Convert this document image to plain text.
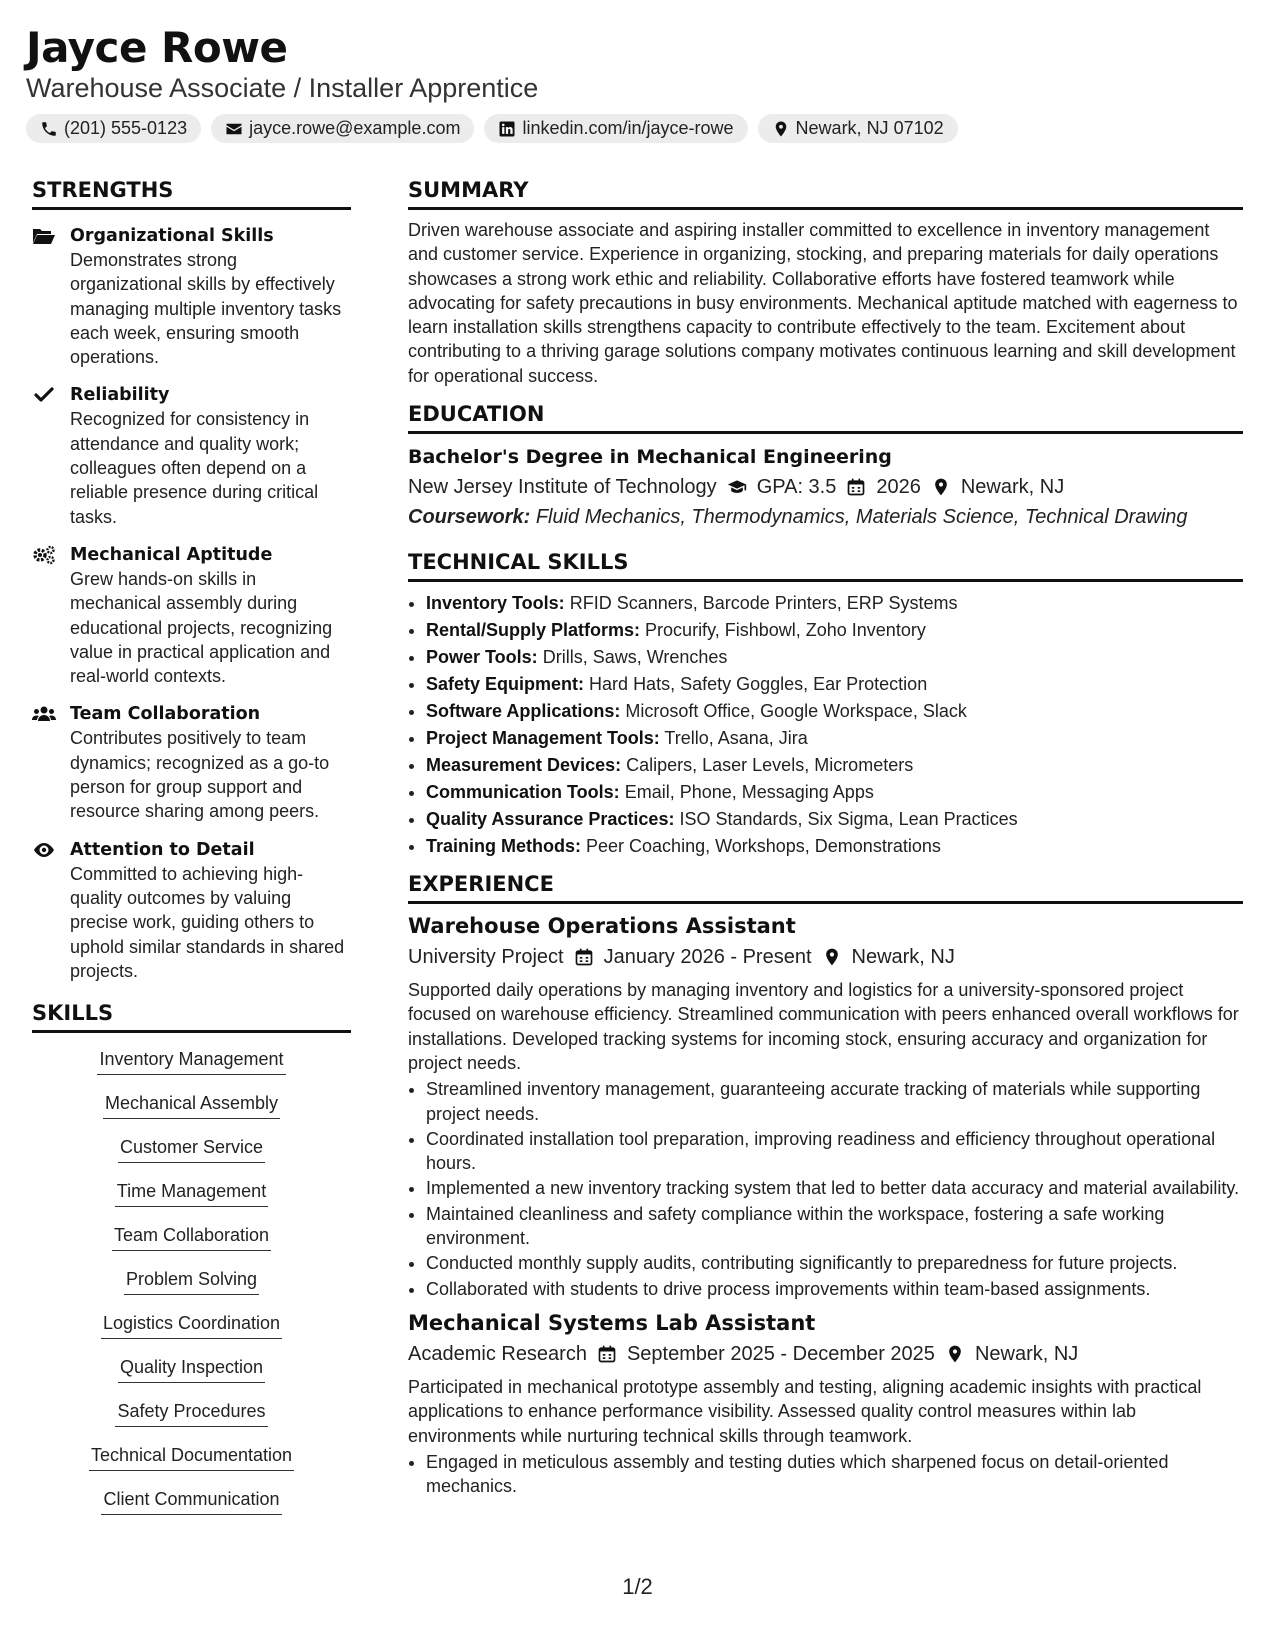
Jayce Rowe
Warehouse Associate / Installer Apprentice
(201) 555-0123	jayce.rowe@example.com	linkedin.com/in/jayce-rowe	Newark, NJ 07102
STRENGTHS
Organizational Skills
Demonstrates strong organizational skills by effectively managing multiple inventory tasks each week, ensuring smooth operations.
Reliability
Recognized for consistency in attendance and quality work; colleagues often depend on a reliable presence during critical tasks.
Mechanical Aptitude
Grew hands-on skills in mechanical assembly during educational projects, recognizing value in practical application and real-world contexts.
Team Collaboration
Contributes positively to team dynamics; recognized as a go-to person for group support and resource sharing among peers.
Attention to Detail
Committed to achieving high-quality outcomes by valuing precise work, guiding others to uphold similar standards in shared projects.
SKILLS
Inventory Management
Mechanical Assembly
Customer Service
Time Management
Team Collaboration
Problem Solving
Logistics Coordination
Quality Inspection
Safety Procedures
Technical Documentation
Client Communication
SUMMARY
Driven warehouse associate and aspiring installer committed to excellence in inventory management and customer service. Experience in organizing, stocking, and preparing materials for daily operations showcases a strong work ethic and reliability. Collaborative efforts have fostered teamwork while advocating for safety precautions in busy environments. Mechanical aptitude matched with eagerness to learn installation skills strengthens capacity to contribute effectively to the team. Excitement about contributing to a thriving garage solutions company motivates continuous learning and skill development for operational success.
EDUCATION
Bachelor's Degree in Mechanical Engineering
New Jersey Institute of Technology GPA: 3.5 2026 Newark, NJ
Coursework: Fluid Mechanics, Thermodynamics, Materials Science, Technical Drawing
TECHNICAL SKILLS
• Inventory Tools: RFID Scanners, Barcode Printers, ERP Systems
• Rental/Supply Platforms: Procurify, Fishbowl, Zoho Inventory
• Power Tools: Drills, Saws, Wrenches
• Safety Equipment: Hard Hats, Safety Goggles, Ear Protection
• Software Applications: Microsoft Office, Google Workspace, Slack
• Project Management Tools: Trello, Asana, Jira
• Measurement Devices: Calipers, Laser Levels, Micrometers
• Communication Tools: Email, Phone, Messaging Apps
• Quality Assurance Practices: ISO Standards, Six Sigma, Lean Practices
• Training Methods: Peer Coaching, Workshops, Demonstrations
EXPERIENCE
Warehouse Operations Assistant
University Project January 2026 - Present Newark, NJ
Supported daily operations by managing inventory and logistics for a university-sponsored project focused on warehouse efficiency. Streamlined communication with peers enhanced overall workflows for installations. Developed tracking systems for incoming stock, ensuring accuracy and organization for project needs.
• Streamlined inventory management, guaranteeing accurate tracking of materials while supporting project needs.
• Coordinated installation tool preparation, improving readiness and efficiency throughout operational hours.
• Implemented a new inventory tracking system that led to better data accuracy and material availability.
• Maintained cleanliness and safety compliance within the workspace, fostering a safe working environment.
• Conducted monthly supply audits, contributing significantly to preparedness for future projects.
• Collaborated with students to drive process improvements within team-based assignments.
Mechanical Systems Lab Assistant
Academic Research September 2025 - December 2025 Newark, NJ
Participated in mechanical prototype assembly and testing, aligning academic insights with practical applications to enhance performance visibility. Assessed quality control measures within lab environments while nurturing technical skills through teamwork.
• Engaged in meticulous assembly and testing duties which sharpened focus on detail-oriented mechanics.
1/2
